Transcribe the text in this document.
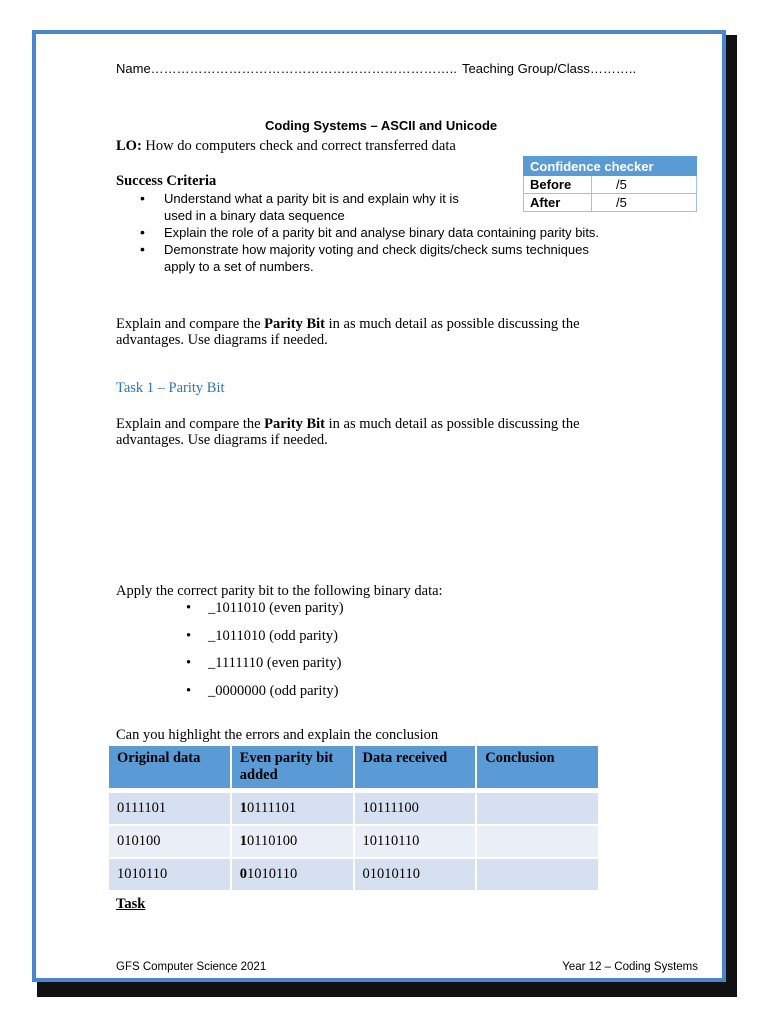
Name…………………………………………………………….. Teaching Group/Class………..
Coding Systems – ASCII and Unicode
LO: How do computers check and correct transferred data
Confidence checker	
Before	/5
After	/5
Success Criteria
• Understand what a parity bit is and explain why it is
used in a binary data sequence
• Explain the role of a parity bit and analyse binary data containing parity bits.
• Demonstrate how majority voting and check digits/check sums techniques
apply to a set of numbers.
Explain and compare the Parity Bit in as much detail as possible discussing the
advantages. Use diagrams if needed.
Task 1 – Parity Bit
Explain and compare the Parity Bit in as much detail as possible discussing the
advantages. Use diagrams if needed.
Apply the correct parity bit to the following binary data:
• _1011010 (even parity)
• _1011010 (odd parity)
• _1111110 (even parity)
• _0000000 (odd parity)
Can you highlight the errors and explain the conclusion
Original data	Even parity bit added	Data received	Conclusion

0111101	10111101	10111100	
010100	10110100	10110110	
1010110	01010110	01010110	
Task
GFS Computer Science 2021	Year 12 – Coding Systems
